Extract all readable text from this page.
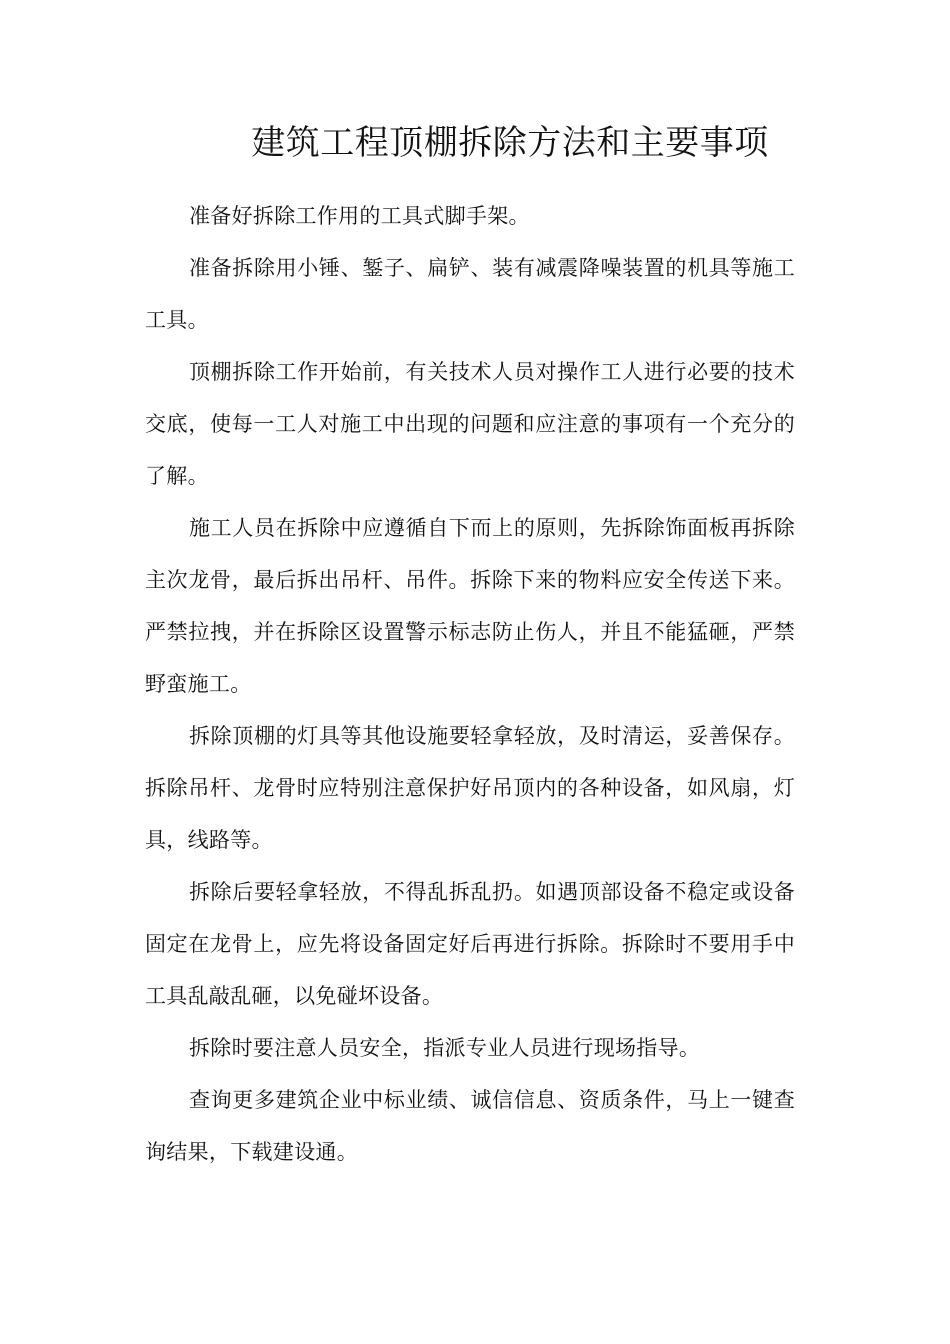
建筑工程顶棚拆除方法和主要事项

准备好拆除工作用的工具式脚手架。

准备拆除用小锤、錾子、扁铲、装有减震降噪装置的机具等施工工具。

顶棚拆除工作开始前，有关技术人员对操作工人进行必要的技术交底，使每一工人对施工中出现的问题和应注意的事项有一个充分的了解。

施工人员在拆除中应遵循自下而上的原则，先拆除饰面板再拆除主次龙骨，最后拆出吊杆、吊件。拆除下来的物料应安全传送下来。严禁拉拽，并在拆除区设置警示标志防止伤人，并且不能猛砸，严禁野蛮施工。

拆除顶棚的灯具等其他设施要轻拿轻放，及时清运，妥善保存。拆除吊杆、龙骨时应特别注意保护好吊顶内的各种设备，如风扇，灯具，线路等。

拆除后要轻拿轻放，不得乱拆乱扔。如遇顶部设备不稳定或设备固定在龙骨上，应先将设备固定好后再进行拆除。拆除时不要用手中工具乱敲乱砸，以免碰坏设备。

拆除时要注意人员安全，指派专业人员进行现场指导。

查询更多建筑企业中标业绩、诚信信息、资质条件，马上一键查询结果，下载建设通。
